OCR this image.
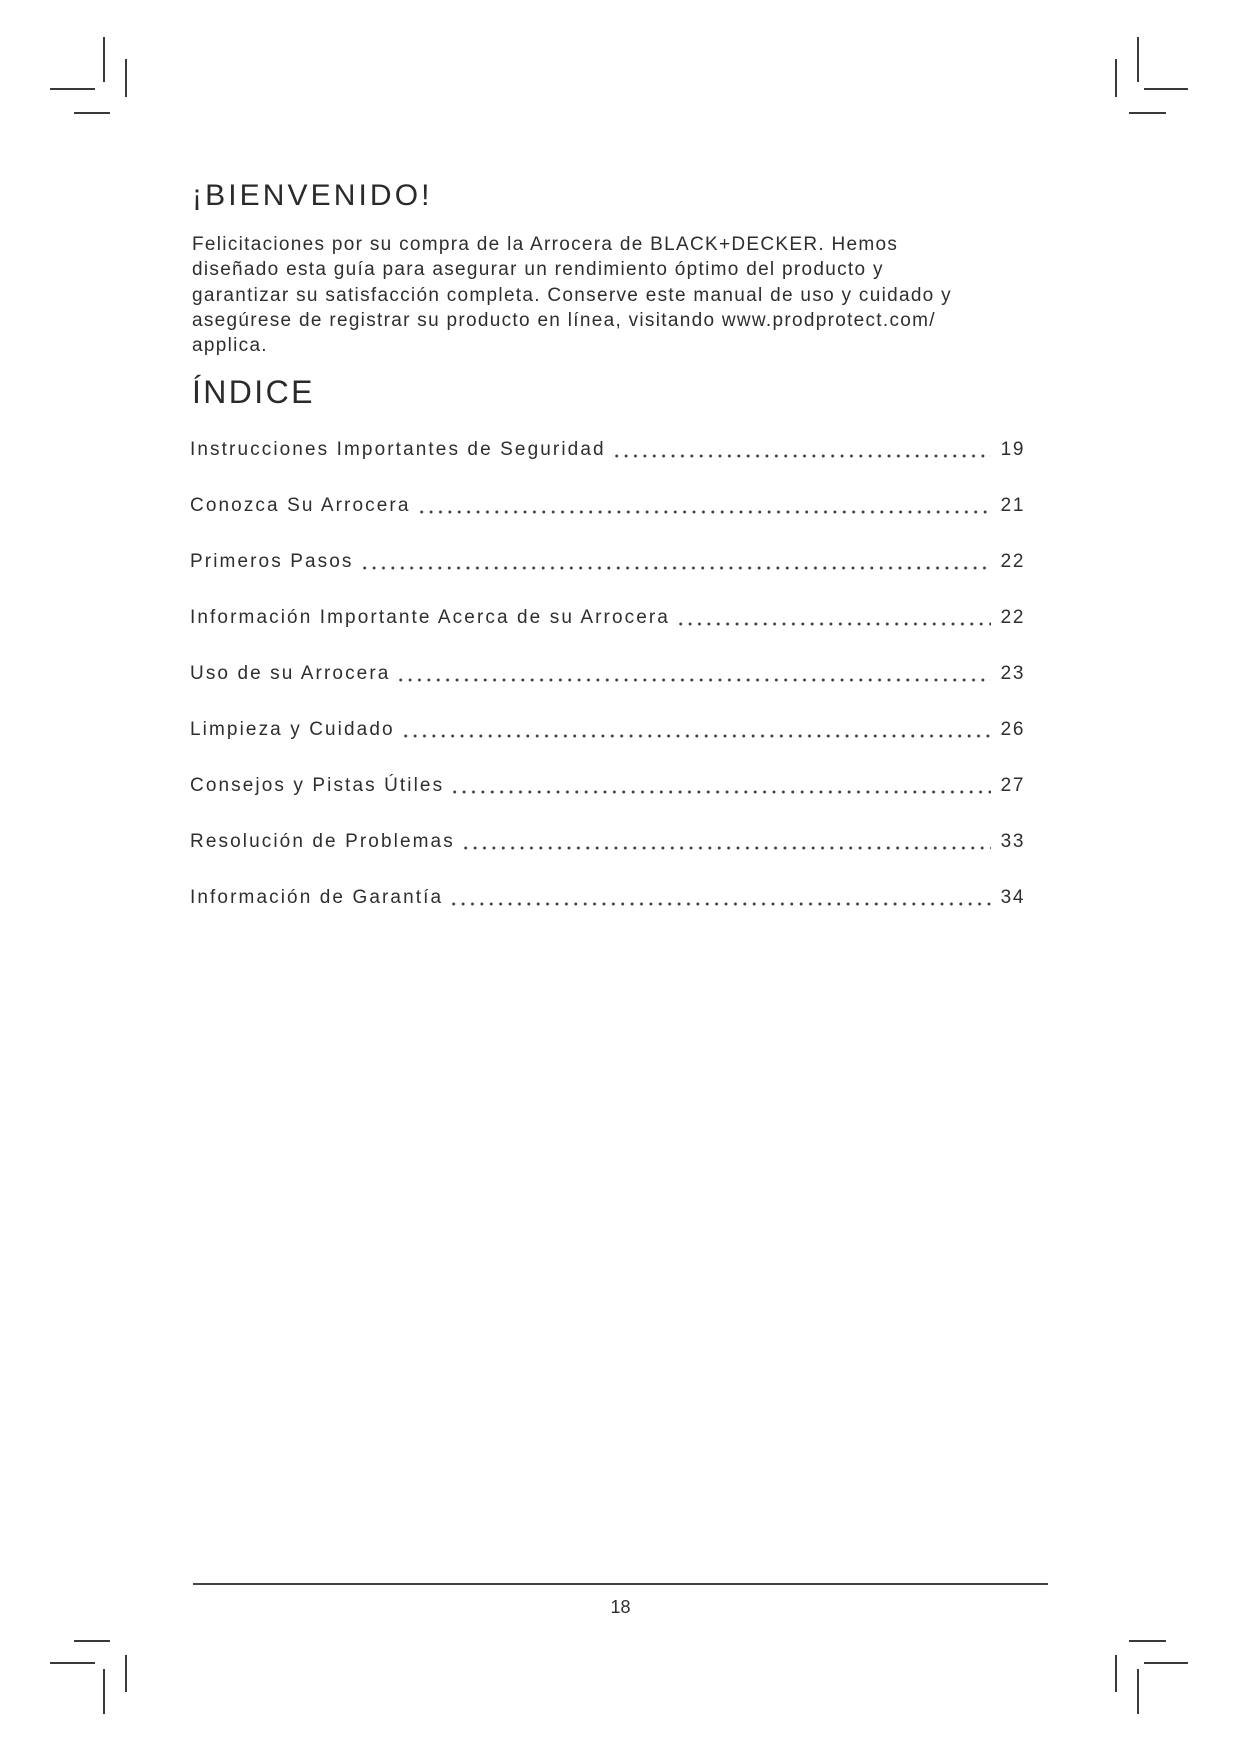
¡BIENVENIDO!

Felicitaciones por su compra de la Arrocera de BLACK+DECKER. Hemos
diseñado esta guía para asegurar un rendimiento óptimo del producto y
garantizar su satisfacción completa. Conserve este manual de uso y cuidado y
asegúrese de registrar su producto en línea, visitando www.prodprotect.com/
applica.

ÍNDICE
Instrucciones Importantes de Seguridad	19
Conozca Su Arrocera	21
Primeros Pasos	22
Información Importante Acerca de su Arrocera	22
Uso de su Arrocera	23
Limpieza y Cuidado	26
Consejos y Pistas Útiles	27
Resolución de Problemas	33
Información de Garantía	34
18
